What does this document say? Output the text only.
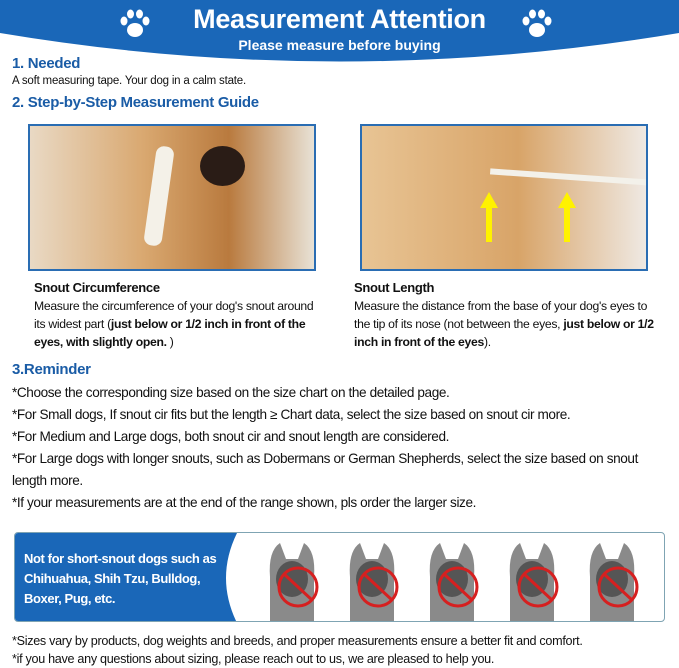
Measurement Attention
Please measure before buying
1. Needed
A soft measuring tape. Your dog in a calm state.
2. Step-by-Step Measurement Guide
Snout Circumference
Measure the circumference of your dog's snout around its widest part (just below or 1/2 inch in front of the eyes, with slightly open. )
Snout Length
Measure the distance from the base of your dog's eyes to the tip of its nose (not between the eyes, just below or 1/2 inch in front of the eyes).
3.Reminder
*Choose the corresponding size based on the size chart on the detailed page.
*For Small dogs, If snout cir fits but the length ≥ Chart data, select the size based on snout cir more.
*For Medium and Large dogs, both snout cir and snout length are considered.
*For Large dogs with longer snouts, such as Dobermans or German Shepherds, select the size based on snout length more.
*If your measurements are at the end of the range shown, pls order the larger size.
Not for short-snout dogs such as Chihuahua, Shih Tzu, Bulldog, Boxer, Pug, etc.
*Sizes vary by products, dog weights and breeds, and proper measurements ensure a better fit and comfort.
*if you have any questions about sizing, please reach out to us, we are pleased to help you.
